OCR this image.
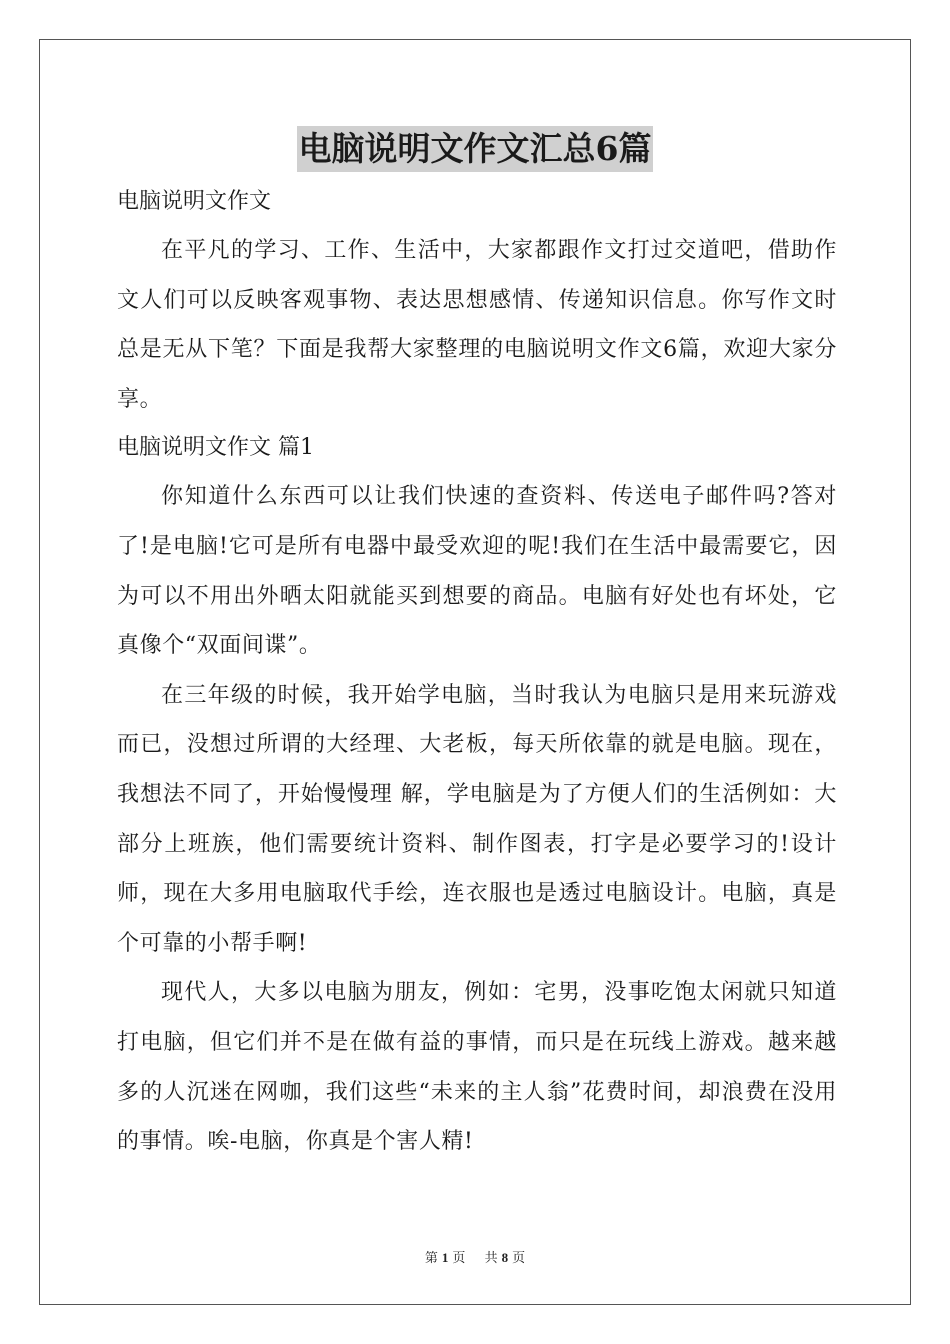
电脑说明文作文汇总6篇

电脑说明文作文

在平凡的学习、工作、生活中，大家都跟作文打过交道吧，借助作文人们可以反映客观事物、表达思想感情、传递知识信息。你写作文时总是无从下笔？下面是我帮大家整理的电脑说明文作文6篇，欢迎大家分享。

电脑说明文作文 篇1

你知道什么东西可以让我们快速的查资料、传送电子邮件吗?答对了!是电脑!它可是所有电器中最受欢迎的呢!我们在生活中最需要它，因为可以不用出外晒太阳就能买到想要的商品。电脑有好处也有坏处，它真像个“双面间谍”。

在三年级的时候，我开始学电脑，当时我认为电脑只是用来玩游戏而已，没想过所谓的大经理、大老板，每天所依靠的就是电脑。现在，我想法不同了，开始慢慢理 解，学电脑是为了方便人们的生活例如：大部分上班族，他们需要统计资料、制作图表，打字是必要学习的!设计师，现在大多用电脑取代手绘，连衣服也是透过电脑设计。电脑，真是个可靠的小帮手啊!

现代人，大多以电脑为朋友，例如：宅男，没事吃饱太闲就只知道打电脑，但它们并不是在做有益的事情，而只是在玩线上游戏。越来越多的人沉迷在网咖，我们这些“未来的主人翁”花费时间，却浪费在没用的事情。唉-电脑，你真是个害人精!

第 1 页 共 8 页
